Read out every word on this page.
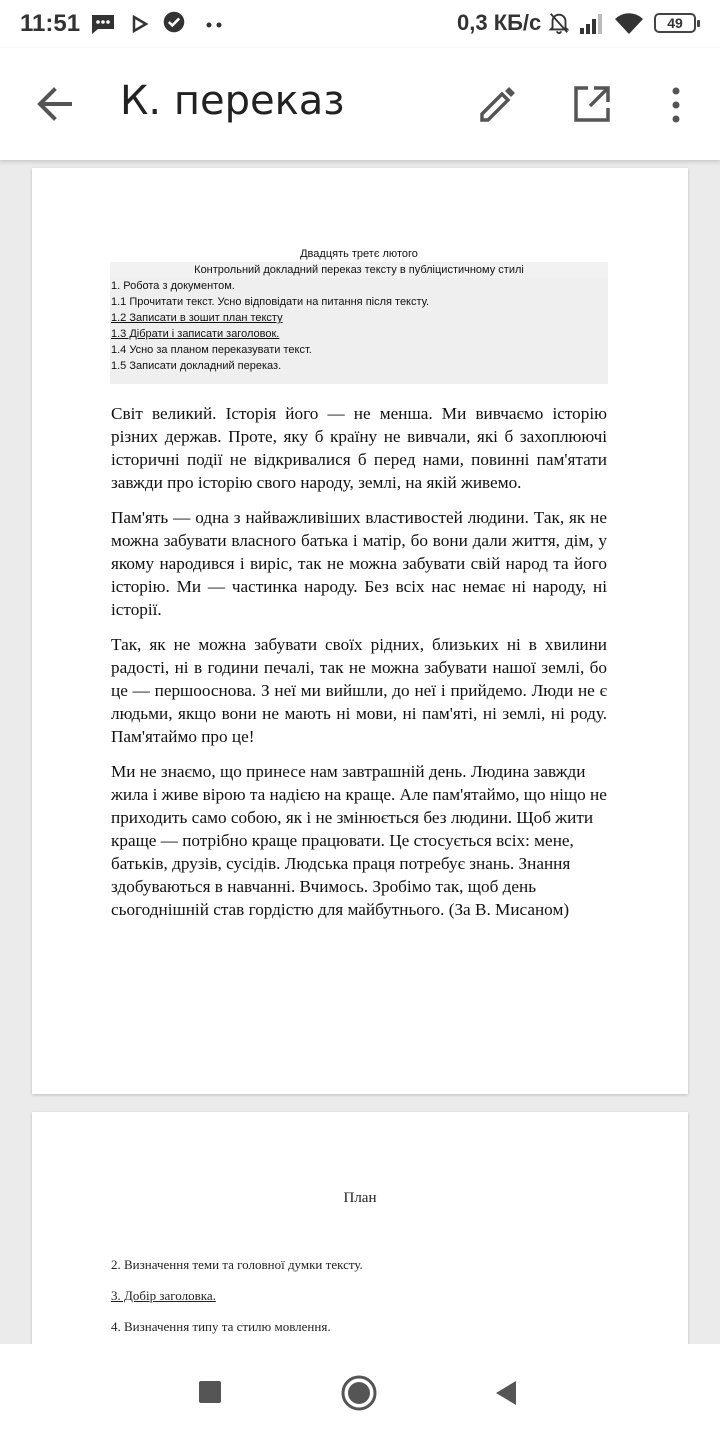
11:51	0,3 КБ/с	49
К. переказ
Двадцять третє лютого
Контрольний докладний переказ тексту в публіцистичному стилі
1. Робота з документом.
1.1 Прочитати текст. Усно відповідати на питання після тексту.
1.2 Записати в зошит план тексту
1.3 Дібрати і записати заголовок.
1.4 Усно за планом переказувати текст.
1.5 Записати докладний переказ.

Світ великий. Історія його — не менша. Ми вивчаємо історію різних держав. Проте, яку б країну не вивчали, які б захоплюючі історичні події не відкривалися б перед нами, повинні пам'ятати завжди про історію свого народу, землі, на якій живемо.

Пам'ять — одна з найважливіших властивостей людини. Так, як не можна забувати власного батька і матір, бо вони дали життя, дім, у якому народився і виріс, так не можна забувати свій народ та його історію. Ми — частинка народу. Без всіх нас немає ні народу, ні історії.

Так, як не можна забувати своїх рідних, близьких ні в хвилини радості, ні в години печалі, так не можна забувати нашої землі, бо це — першооснова. З неї ми вийшли, до неї і прийдемо. Люди не є людьми, якщо вони не мають ні мови, ні пам'яті, ні землі, ні роду. Пам'ятаймо про це!

Ми не знаємо, що принесе нам завтрашній день. Людина завжди жила і живе вірою та надією на краще. Але пам'ятаймо, що ніщо не приходить само собою, як і не змінюється без людини. Щоб жити краще — потрібно краще працювати. Це стосується всіх: мене, батьків, друзів, сусідів. Людська праця потребує знань. Знання здобуваються в навчанні. Вчимось. Зробімо так, щоб день сьогоднішній став гордістю для майбутнього. (За В. Мисаном)

План
2. Визначення теми та головної думки тексту.
3. Добір заголовка.
4. Визначення типу та стилю мовлення.
